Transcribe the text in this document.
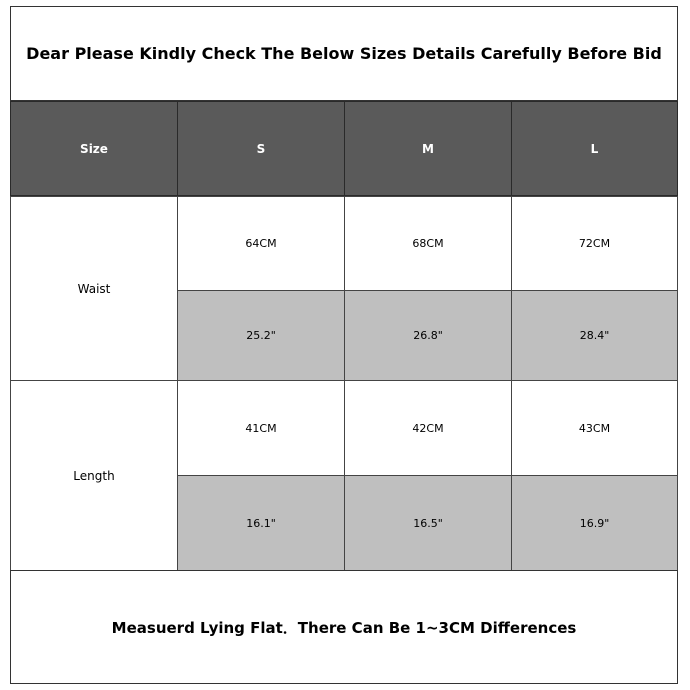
Dear Please Kindly Check The Below Sizes Details Carefully Before Bid
Size	S	M	L
Waist
64CM	68CM	72CM
25.2"	26.8"	28.4"
Length
41CM	42CM	43CM
16.1"	16.5"	16.9"
Measuerd Lying Flat．There Can Be 1~3CM Differences
